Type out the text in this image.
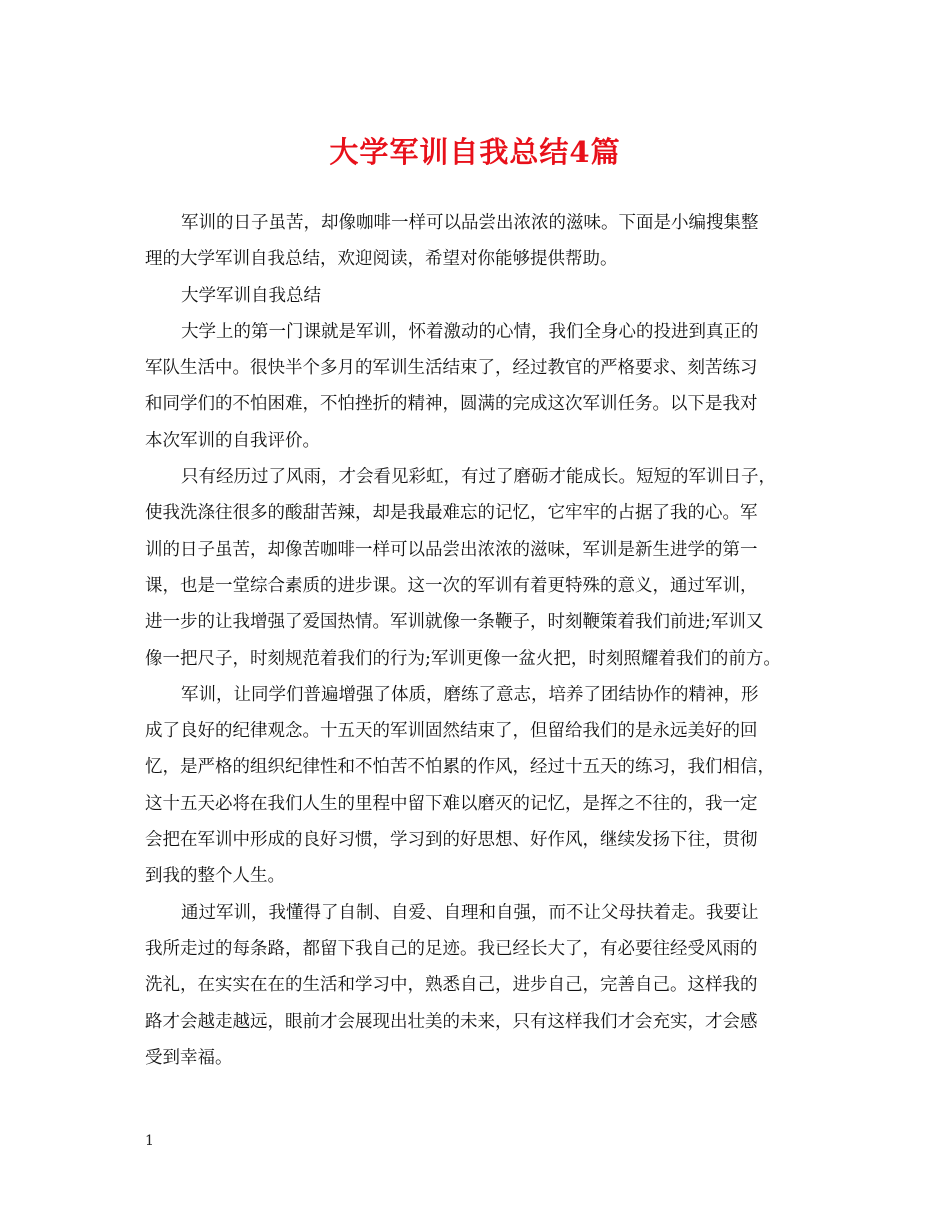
大学军训自我总结4篇
军训的日子虽苦，却像咖啡一样可以品尝出浓浓的滋味。下面是小编搜集整
理的大学军训自我总结，欢迎阅读，希望对你能够提供帮助。
大学军训自我总结
大学上的第一门课就是军训，怀着激动的心情，我们全身心的投进到真正的
军队生活中。很快半个多月的军训生活结束了，经过教官的严格要求、刻苦练习
和同学们的不怕困难，不怕挫折的精神，圆满的完成这次军训任务。以下是我对
本次军训的自我评价。
只有经历过了风雨，才会看见彩虹，有过了磨砺才能成长。短短的军训日子，
使我洗涤往很多的酸甜苦辣，却是我最难忘的记忆，它牢牢的占据了我的心。军
训的日子虽苦，却像苦咖啡一样可以品尝出浓浓的滋味，军训是新生进学的第一
课，也是一堂综合素质的进步课。这一次的军训有着更特殊的意义，通过军训，
进一步的让我增强了爱国热情。军训就像一条鞭子，时刻鞭策着我们前进;军训又
像一把尺子，时刻规范着我们的行为;军训更像一盆火把，时刻照耀着我们的前方。
军训，让同学们普遍增强了体质，磨练了意志，培养了团结协作的精神，形
成了良好的纪律观念。十五天的军训固然结束了，但留给我们的是永远美好的回
忆，是严格的组织纪律性和不怕苦不怕累的作风，经过十五天的练习，我们相信，
这十五天必将在我们人生的里程中留下难以磨灭的记忆，是挥之不往的，我一定
会把在军训中形成的良好习惯，学习到的好思想、好作风，继续发扬下往，贯彻
到我的整个人生。
通过军训，我懂得了自制、自爱、自理和自强，而不让父母扶着走。我要让
我所走过的每条路，都留下我自己的足迹。我已经长大了，有必要往经受风雨的
洗礼，在实实在在的生活和学习中，熟悉自己，进步自己，完善自己。这样我的
路才会越走越远，眼前才会展现出壮美的未来，只有这样我们才会充实，才会感
受到幸福。
1
